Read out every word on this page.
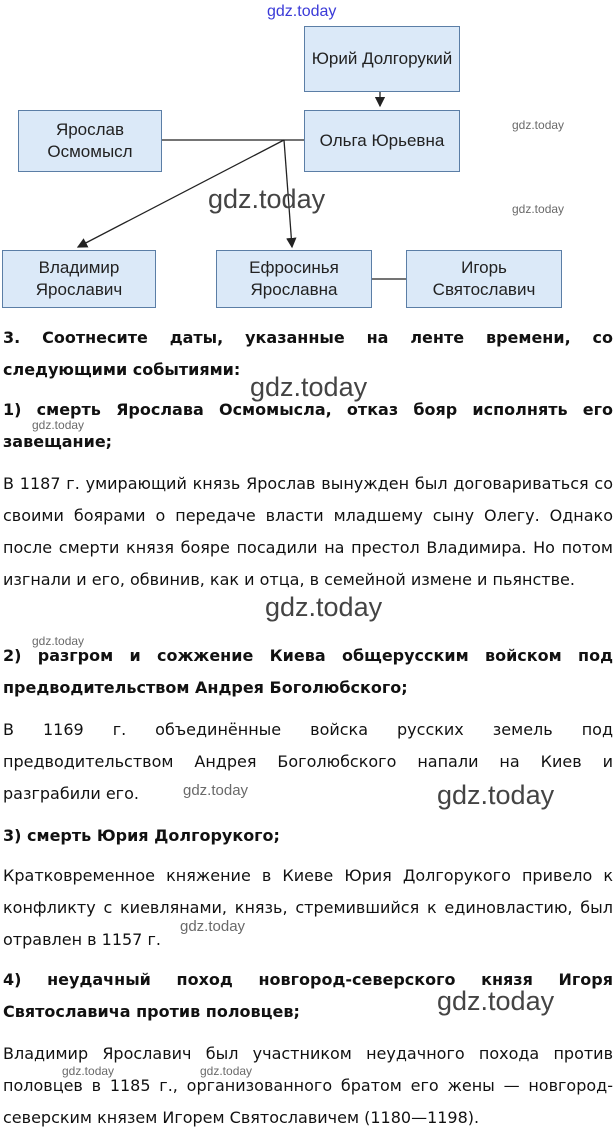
Юрий Долгорукий
Ольга Юрьевна
Ярослав Осмомысл
Владимир Ярославич
Ефросинья Ярославна
Игорь Святославич
3. Соотнесите даты, указанные на ленте времени, со следующими событиями:
1) смерть Ярослава Осмомысла, отказ бояр исполнять его завещание;
В 1187 г. умирающий князь Ярослав вынужден был договариваться со своими боярами о передаче власти младшему сыну Олегу. Однако после смерти князя бояре посадили на престол Владимира. Но потом изгнали и его, обвинив, как и отца, в семейной измене и пьянстве.
2) разгром и сожжение Киева общерусским войском под предводительством Андрея Боголюбского;
В 1169 г. объединённые войска русских земель под предводительством Андрея Боголюбского напали на Киев и разграбили его.
3) смерть Юрия Долгорукого;
Кратковременное княжение в Киеве Юрия Долгорукого привело к конфликту с киевлянами, князь, стремившийся к единовластию, был отравлен в 1157 г.
4) неудачный поход новгород-северского князя Игоря Святославича против половцев;
Владимир Ярославич был участником неудачного похода против половцев в 1185 г., организованного братом его жены — новгород-северским князем Игорем Святославичем (1180—1198).
gdz.today
gdz.today
gdz.today
gdz.today
gdz.today
gdz.today
gdz.today
gdz.today
gdz.today	gdz.today
gdz.today
gdz.today
gdz.today	gdz.today
